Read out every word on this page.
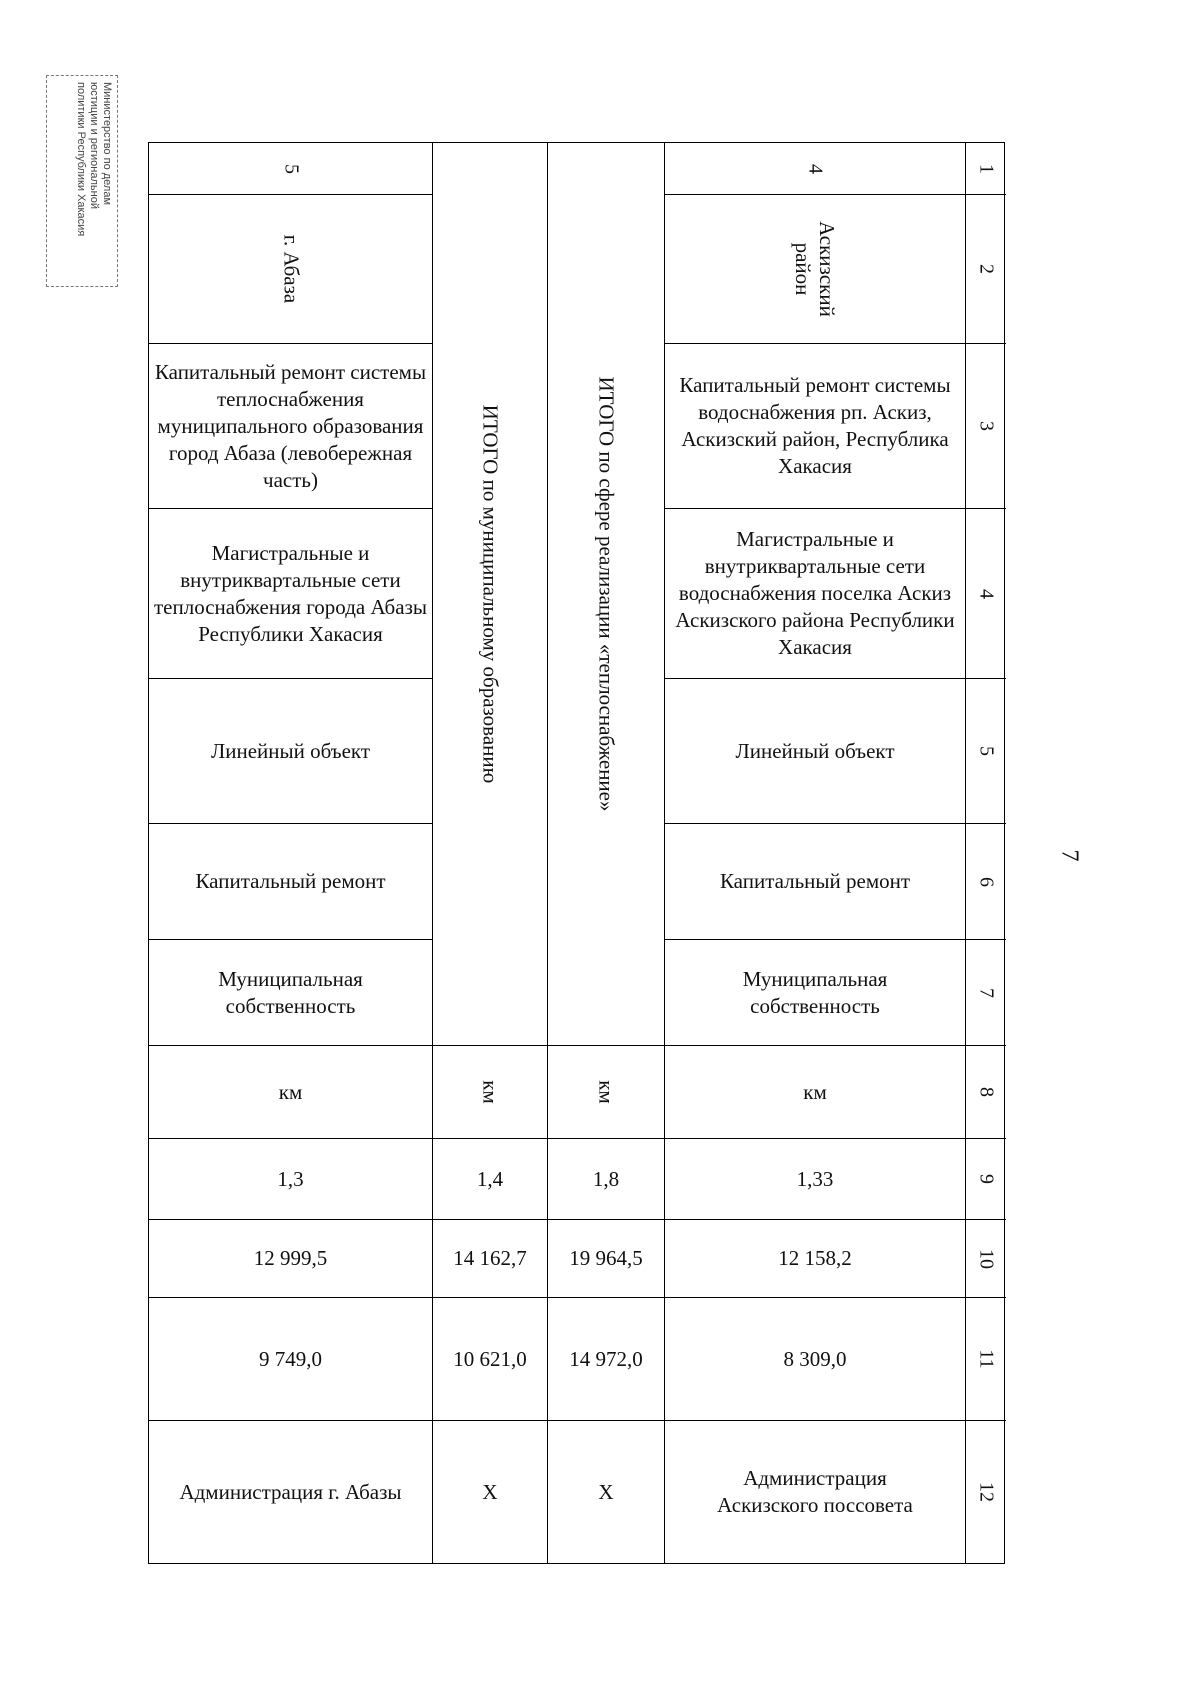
Министерство по делам
юстиции и региональной
политики Республики Хакасия
7
1
2
3
4
5
6
7
8
9
10
11
12
4
Аскизский район
Капитальный ремонт системы водоснабжения рп. Аскиз, Аскизский район, Республика Хакасия
Магистральные и внутриквартальные сети водоснабжения поселка Аскиз Аскизского района Республики Хакасия
Линейный объект
Капитальный ремонт
Муниципальная собственность
км
1,33
12 158,2
8 309,0
Администрация Аскизского поссовета
ИТОГО по сфере реализации «теплоснабжение»
км
1,8
19 964,5
14 972,0
Х
ИТОГО по муниципальному образованию
км
1,4
14 162,7
10 621,0
Х
5
г. Абаза
Капитальный ремонт системы теплоснабжения муниципального образования город Абаза (левобережная часть)
Магистральные и внутриквартальные сети теплоснабжения города Абазы Республики Хакасия
Линейный объект
Капитальный ремонт
Муниципальная собственность
км
1,3
12 999,5
9 749,0
Администрация г. Абазы
